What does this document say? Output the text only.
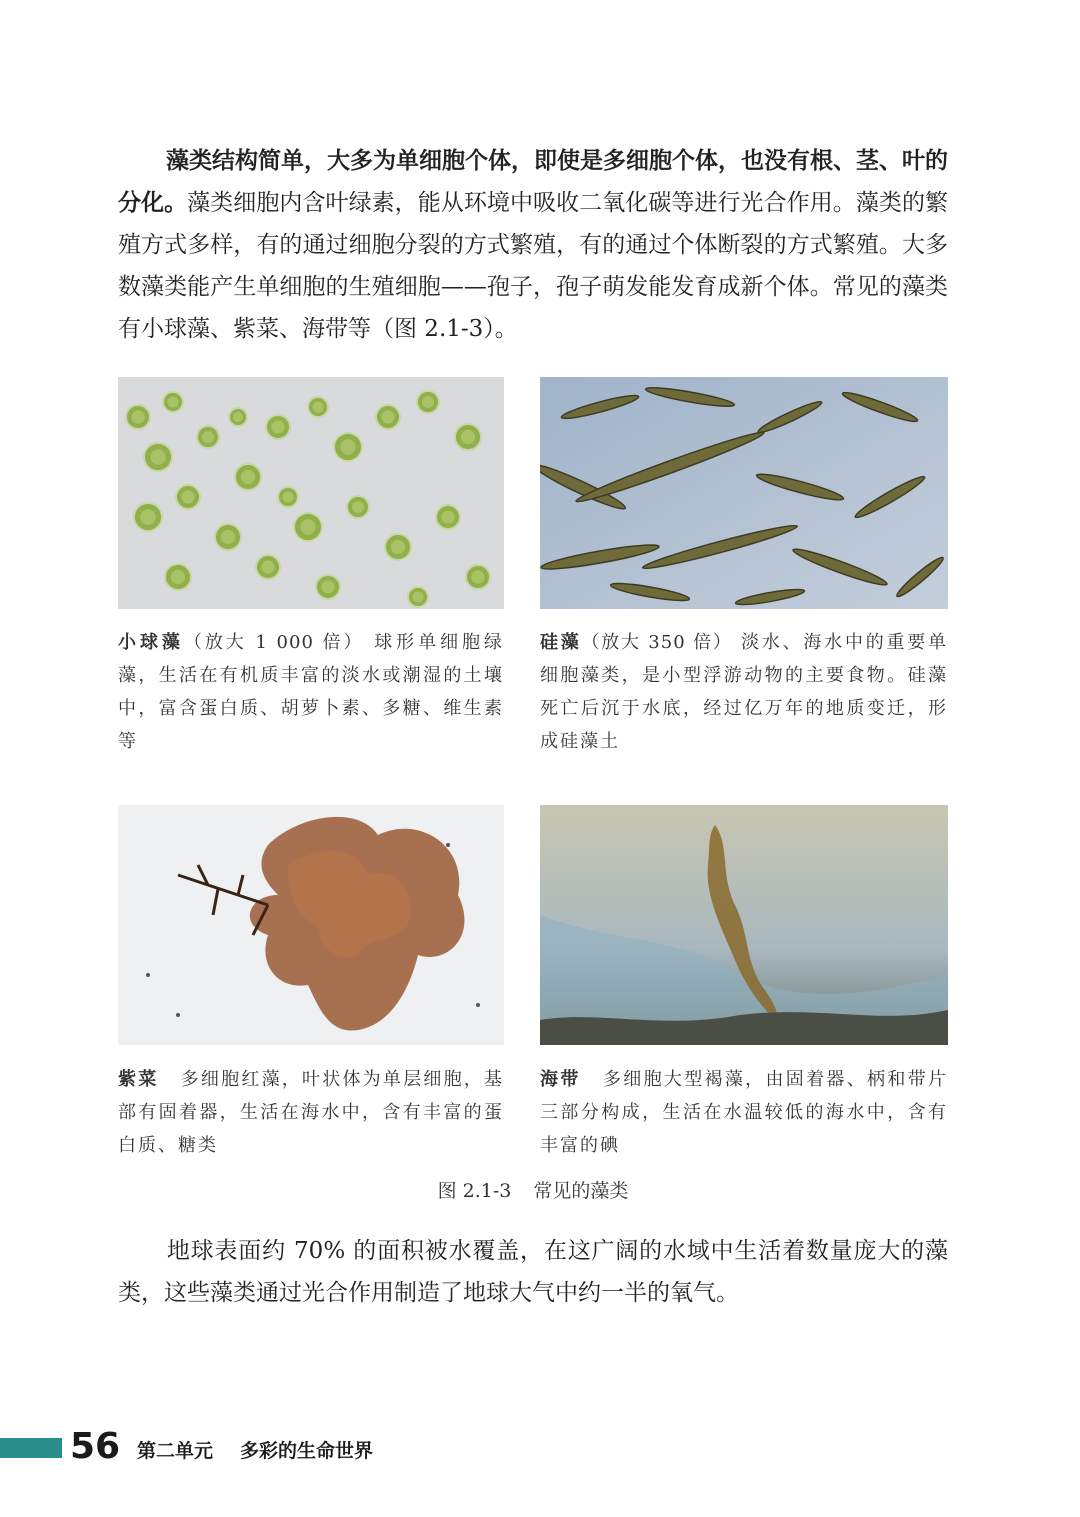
藻类结构简单，大多为单细胞个体，即使是多细胞个体，也没有根、茎、叶的分化。藻类细胞内含叶绿素，能从环境中吸收二氧化碳等进行光合作用。藻类的繁殖方式多样，有的通过细胞分裂的方式繁殖，有的通过个体断裂的方式繁殖。大多数藻类能产生单细胞的生殖细胞——孢子，孢子萌发能发育成新个体。常见的藻类有小球藻、紫菜、海带等（图 2.1-3）。
小球藻（放大 1 000 倍） 球形单细胞绿藻，生活在有机质丰富的淡水或潮湿的土壤中，富含蛋白质、胡萝卜素、多糖、维生素等
硅藻（放大 350 倍） 淡水、海水中的重要单细胞藻类，是小型浮游动物的主要食物。硅藻死亡后沉于水底，经过亿万年的地质变迁，形成硅藻土
紫菜 多细胞红藻，叶状体为单层细胞，基部有固着器，生活在海水中，含有丰富的蛋白质、糖类
海带 多细胞大型褐藻，由固着器、柄和带片三部分构成，生活在水温较低的海水中，含有丰富的碘
图 2.1-3 常见的藻类
地球表面约 70% 的面积被水覆盖，在这广阔的水域中生活着数量庞大的藻类，这些藻类通过光合作用制造了地球大气中约一半的氧气。
56 第二单元 多彩的生命世界
